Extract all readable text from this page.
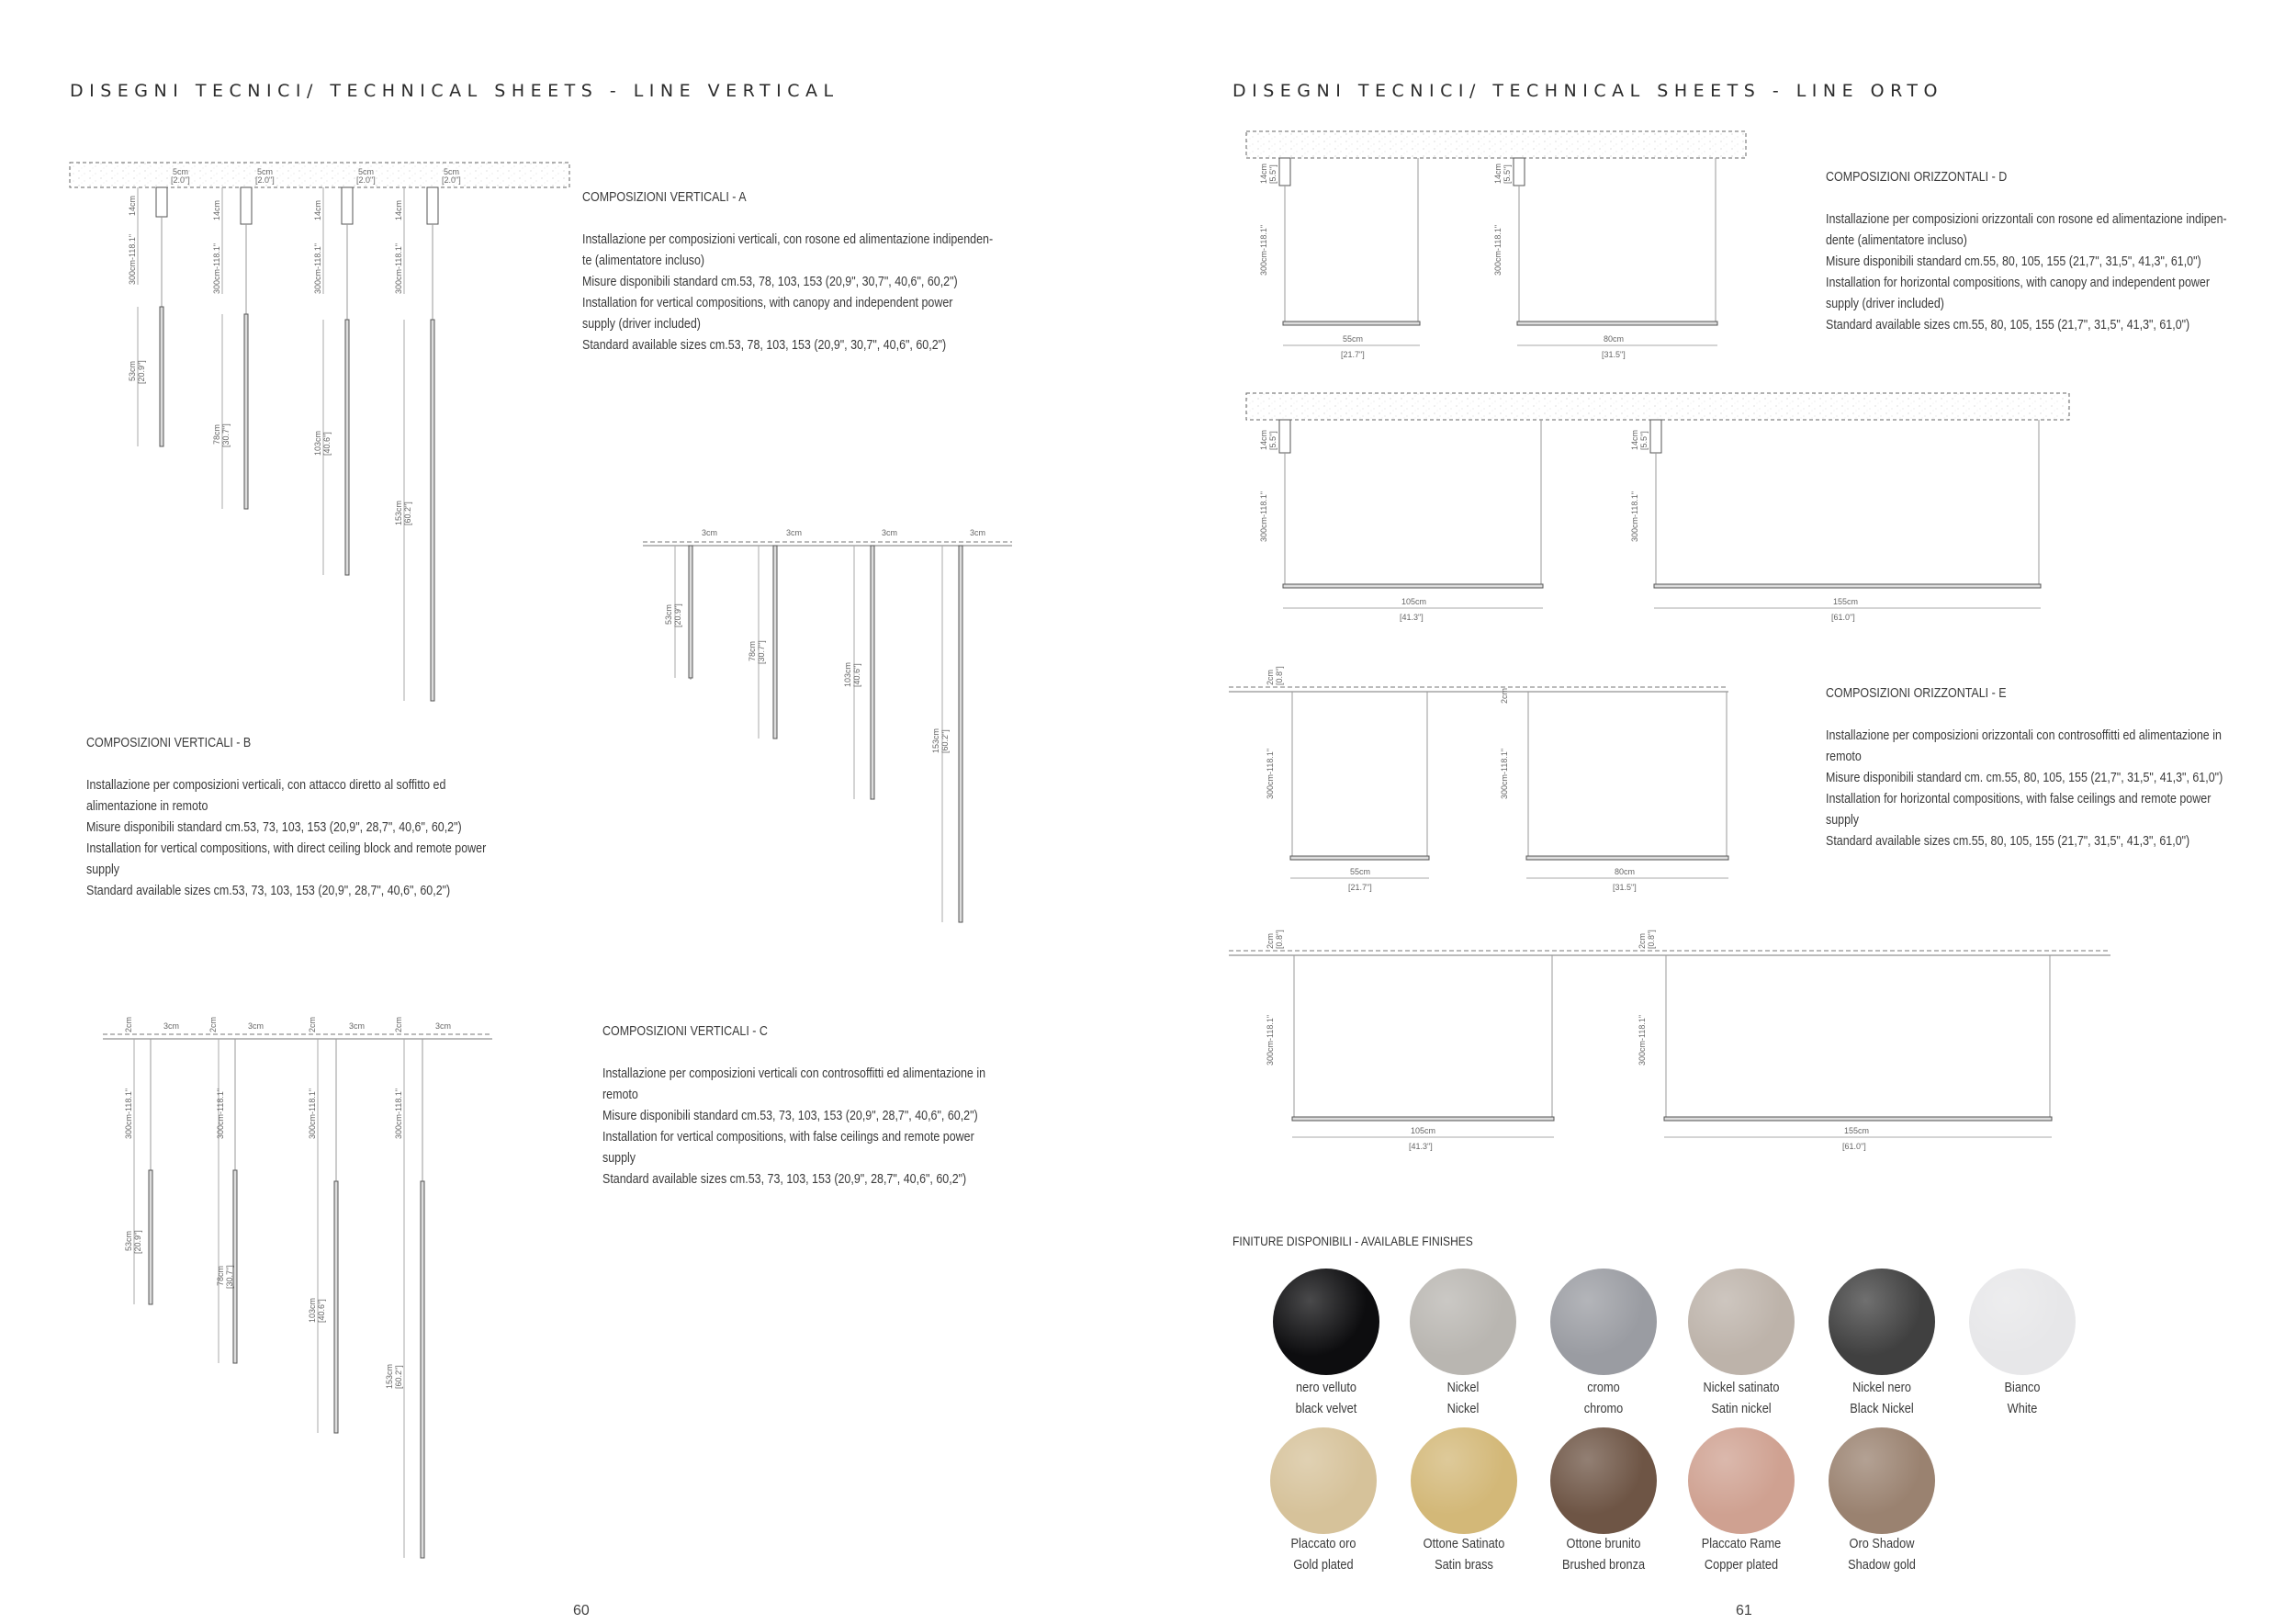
DISEGNI TECNICI/ TECHNICAL SHEETS - LINE VERTICAL
COMPOSIZIONI VERTICALI - A
Installazione per composizioni verticali, con rosone ed alimentazione indipenden-
te (alimentatore incluso)
Misure disponibili standard cm.53, 78, 103, 153 (20,9", 30,7", 40,6", 60,2")
Installation for vertical compositions, with canopy and independent power
supply (driver included)
Standard available sizes cm.53, 78, 103, 153 (20,9", 30,7", 40,6", 60,2")
COMPOSIZIONI VERTICALI - B
Installazione per composizioni verticali, con attacco diretto al soffitto ed
alimentazione in remoto
Misure disponibili standard cm.53, 73, 103, 153 (20,9", 28,7", 40,6", 60,2")
Installation for vertical compositions, with direct ceiling block and remote power
supply
Standard available sizes cm.53, 73, 103, 153 (20,9", 28,7", 40,6", 60,2")
COMPOSIZIONI VERTICALI - C
Installazione per composizioni verticali con controsoffitti ed alimentazione in
remoto
Misure disponibili standard cm.53, 73, 103, 153 (20,9", 28,7", 40,6", 60,2")
Installation for vertical compositions, with false ceilings and remote power
supply
Standard available sizes cm.53, 73, 103, 153 (20,9", 28,7", 40,6", 60,2")
60
5cm
[2.0"]
5cm
[2.0"]
5cm
[2.0"]
5cm
[2.0"]
14cm	14cm	14cm	14cm
300cm-118.1"	300cm-118.1"	300cm-118.1"	300cm-118.1"
53cm [20.9"]
78cm [30.7"]	103cm [40.6"]
153cm [60.2"]
3cm	3cm	3cm	3cm
53cm [20.9"]
78cm [30.7"]
103cm [40.6"]
153cm [60.2"]
2cm	2cm	2cm	2cm
3cm	3cm	3cm	3cm
300cm-118.1"	300cm-118.1"	300cm-118.1"	300cm-118.1"
53cm [20.9"]
78cm [30.7"]
103cm [40.6"]
153cm [60.2"]
14cm [5.5"]	14cm [5.5"]
300cm-118.1"	300cm-118.1"
55cm
[21.7"]
80cm
[31.5"]
14cm [5.5"]	14cm [5.5"]
300cm-118.1"	300cm-118.1"
105cm
[41.3"]
155cm
[61.0"]
2cm [0.8"]
2cm
300cm-118.1"	300cm-118.1"
55cm
[21.7"]
80cm
[31.5"]
2cm [0.8"]	2cm [0.8"]
300cm-118.1"	300cm-118.1"
105cm
[41.3"]
155cm
[61.0"]
DISEGNI TECNICI/ TECHNICAL SHEETS - LINE ORTO
COMPOSIZIONI ORIZZONTALI - D
Installazione per composizioni orizzontali con rosone ed alimentazione indipen-
dente (alimentatore incluso)
Misure disponibili standard cm.55, 80, 105, 155 (21,7", 31,5", 41,3", 61,0")
Installation for horizontal compositions, with canopy and independent power
supply (driver included)
Standard available sizes cm.55, 80, 105, 155 (21,7", 31,5", 41,3", 61,0")
COMPOSIZIONI ORIZZONTALI - E
Installazione per composizioni orizzontali con controsoffitti ed alimentazione in
remoto
Misure disponibili standard cm. cm.55, 80, 105, 155 (21,7", 31,5", 41,3", 61,0")
Installation for horizontal compositions, with false ceilings and remote power
supply
Standard available sizes cm.55, 80, 105, 155 (21,7", 31,5", 41,3", 61,0")
FINITURE DISPONIBILI - AVAILABLE FINISHES
nero velluto
black velvet
Nickel
Nickel
cromo
chromo
Nickel satinato
Satin nickel
Nickel nero
Black Nickel
Bianco
White
Placcato oro
Gold plated
Ottone Satinato
Satin brass
Ottone brunito
Brushed bronza
Placcato Rame
Copper plated
Oro Shadow
Shadow gold
61
